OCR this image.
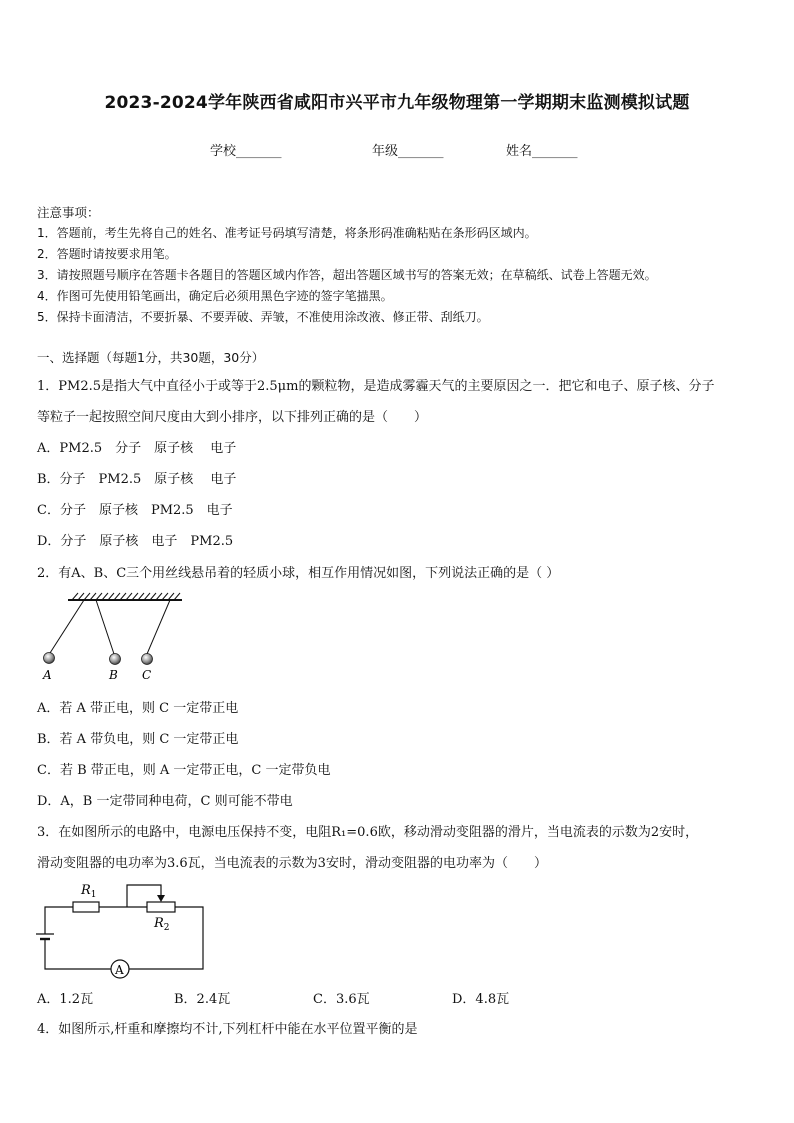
2023-2024学年陕西省咸阳市兴平市九年级物理第一学期期末监测模拟试题
学校_______	年级_______	姓名_______
注意事项：
1．答题前，考生先将自己的姓名、准考证号码填写清楚，将条形码准确粘贴在条形码区域内。
2．答题时请按要求用笔。
3．请按照题号顺序在答题卡各题目的答题区域内作答，超出答题区域书写的答案无效；在草稿纸、试卷上答题无效。
4．作图可先使用铅笔画出，确定后必须用黑色字迹的签字笔描黑。
5．保持卡面清洁，不要折暴、不要弄破、弄皱，不准使用涂改液、修正带、刮纸刀。
一、选择题（每题1分，共30题，30分）
1．PM2.5是指大气中直径小于或等于2.5μm的颗粒物，是造成雾霾天气的主要原因之一．把它和电子、原子核、分子
等粒子一起按照空间尺度由大到小排序，以下排列正确的是（　　）
A．PM2.5　分子　原子核　 电子
B．分子　PM2.5　原子核　 电子
C．分子　原子核　PM2.5　电子
D．分子　原子核　电子　PM2.5
2．有A、B、C三个用丝线悬吊着的轻质小球，相互作用情况如图，下列说法正确的是（ ）
A	B C
A．若 A 带正电，则 C 一定带正电
B．若 A 带负电，则 C 一定带正电
C．若 B 带正电，则 A 一定带正电，C 一定带负电
D．A，B 一定带同种电荷，C 则可能不带电
3．在如图所示的电路中，电源电压保持不变，电阻R₁=0.6欧，移动滑动变阻器的滑片，当电流表的示数为2安时，
滑动变阻器的电功率为3.6瓦，当电流表的示数为3安时，滑动变阻器的电功率为（　　）
A
$R_1$
$R_2$
A．1.2瓦	B．2.4瓦	C．3.6瓦	D．4.8瓦
4．如图所示,杆重和摩擦均不计,下列杠杆中能在水平位置平衡的是
